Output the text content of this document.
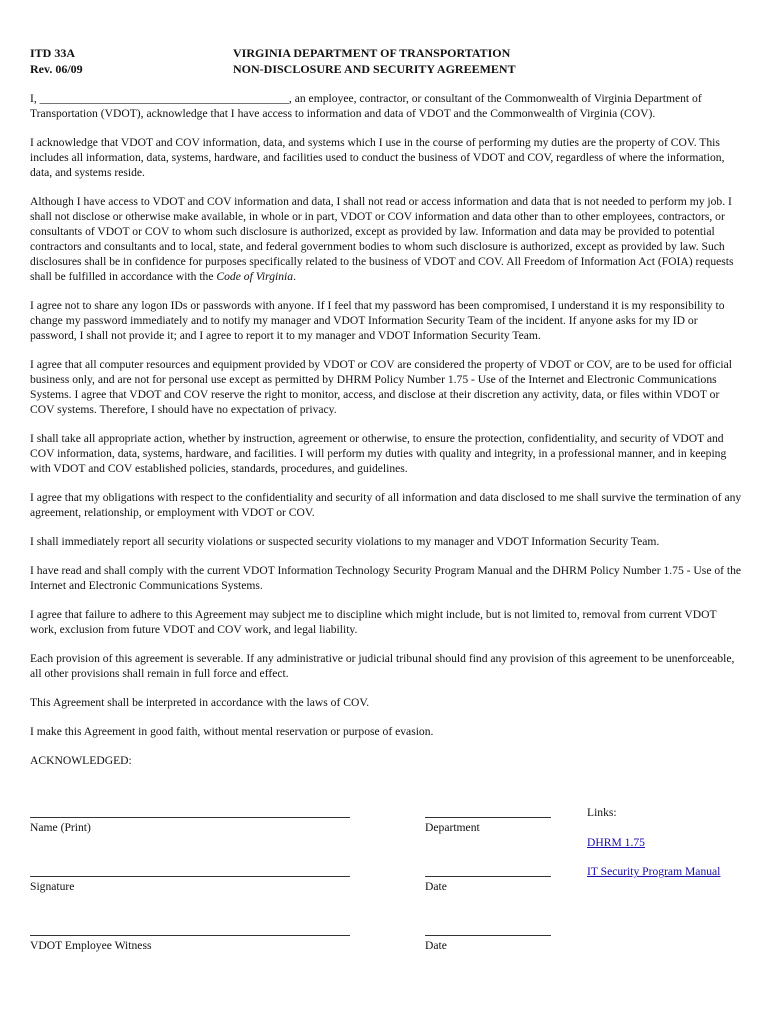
ITD 33A
Rev. 06/09
VIRGINIA DEPARTMENT OF TRANSPORTATION
NON-DISCLOSURE AND SECURITY AGREEMENT

I, ___________________________________________, an employee, contractor, or consultant of the Commonwealth of Virginia Department of Transportation (VDOT), acknowledge that I have access to information and data of VDOT and the Commonwealth of Virginia (COV).

I acknowledge that VDOT and COV information, data, and systems which I use in the course of performing my duties are the property of COV. This includes all information, data, systems, hardware, and facilities used to conduct the business of VDOT and COV, regardless of where the information, data, and systems reside.

Although I have access to VDOT and COV information and data, I shall not read or access information and data that is not needed to perform my job. I shall not disclose or otherwise make available, in whole or in part, VDOT or COV information and data other than to other employees, contractors, or consultants of VDOT or COV to whom such disclosure is authorized, except as provided by law. Information and data may be provided to potential contractors and consultants and to local, state, and federal government bodies to whom such disclosure is authorized, except as provided by law. Such disclosures shall be in confidence for purposes specifically related to the business of VDOT and COV. All Freedom of Information Act (FOIA) requests shall be fulfilled in accordance with the Code of Virginia.

I agree not to share any logon IDs or passwords with anyone. If I feel that my password has been compromised, I understand it is my responsibility to change my password immediately and to notify my manager and VDOT Information Security Team of the incident. If anyone asks for my ID or password, I shall not provide it; and I agree to report it to my manager and VDOT Information Security Team.

I agree that all computer resources and equipment provided by VDOT or COV are considered the property of VDOT or COV, are to be used for official business only, and are not for personal use except as permitted by DHRM Policy Number 1.75 - Use of the Internet and Electronic Communications Systems. I agree that VDOT and COV reserve the right to monitor, access, and disclose at their discretion any activity, data, or files within VDOT or COV systems. Therefore, I should have no expectation of privacy.

I shall take all appropriate action, whether by instruction, agreement or otherwise, to ensure the protection, confidentiality, and security of VDOT and COV information, data, systems, hardware, and facilities. I will perform my duties with quality and integrity, in a professional manner, and in keeping with VDOT and COV established policies, standards, procedures, and guidelines.

I agree that my obligations with respect to the confidentiality and security of all information and data disclosed to me shall survive the termination of any agreement, relationship, or employment with VDOT or COV.

I shall immediately report all security violations or suspected security violations to my manager and VDOT Information Security Team.

I have read and shall comply with the current VDOT Information Technology Security Program Manual and the DHRM Policy Number 1.75 - Use of the Internet and Electronic Communications Systems.

I agree that failure to adhere to this Agreement may subject me to discipline which might include, but is not limited to, removal from current VDOT work, exclusion from future VDOT and COV work, and legal liability.

Each provision of this agreement is severable. If any administrative or judicial tribunal should find any provision of this agreement to be unenforceable, all other provisions shall remain in full force and effect.

This Agreement shall be interpreted in accordance with the laws of COV.

I make this Agreement in good faith, without mental reservation or purpose of evasion.

ACKNOWLEDGED:

Name (Print)	Department
Signature	Date
VDOT Employee Witness	Date
Links:
DHRM 1.75
IT Security Program Manual
